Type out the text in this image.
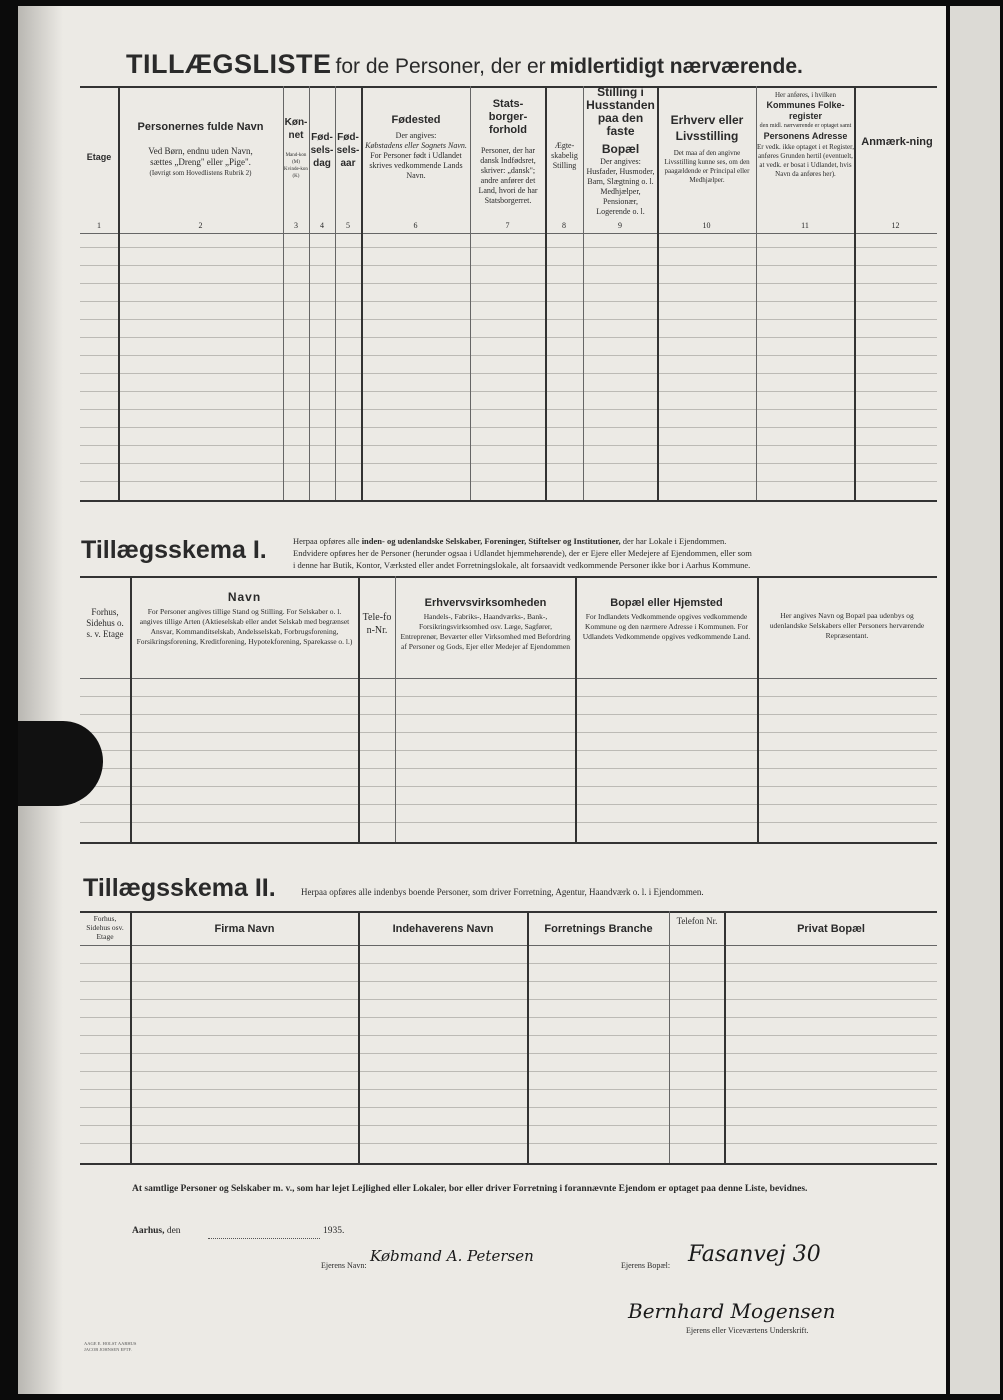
TILLÆGSLISTE for de Personer, der er midlertidigt nærværende.
Etage
Personernes fulde Navn
Ved Børn, endnu uden Navn,
sættes „Dreng" eller „Pige".
(Iøvrigt som Hovedlistens Rubrik 2)
Køn-net
Mand-kon (M) Kvinde-kon (K)
Fød-sels-dag
Fød-sels-aar
Fødested
Der angives:
Købstadens eller Sognets Navn.
For Personer født i Udlandet skrives vedkommende Lands Navn.
Stats-borger-forhold
Personer, der har dansk Indfødsret, skriver: „dansk"; andre anfører det Land, hvori de har Statsborgerret.
Ægte-skabelig Stilling
Stilling i Husstanden paa den faste
Bopæl
Der angives: Husfader, Husmoder, Barn, Slægtning o. l. Medhjælper, Pensionær, Logerende o. l.
Erhverv eller Livsstilling
Det maa af den angivne Livsstilling kunne ses, om den paagældende er Principal eller Medhjælper.
Her anføres, i hvilken
Kommunes Folke-register
den midl. nærværende er optaget samt
Personens Adresse
Er vedk. ikke optaget i et Register, anføres Grunden hertil (eventuelt, at vedk. er bosat i Udlandet, hvis Navn da anføres her).
Anmærk-ning
1	2	3	4	5	6	7	8	9	10	11	12
Tillægsskema I.	Herpaa opføres alle inden- og udenlandske Selskaber, Foreninger, Stiftelser og Institutioner, der har Lokale i Ejendommen.
Endvidere opføres her de Personer (herunder ogsaa i Udlandet hjemmehørende), der er Ejere eller Medejere af Ejendommen, eller som
i denne har Butik, Kontor, Værksted eller andet Forretningslokale, alt forsaavidt vedkommende Personer ikke bor i Aarhus Kommune.
Forhus, Sidehus o. s. v. Etage
Navn
For Personer angives tillige Stand og Stilling. For Selskaber o. l. angives tillige Arten (Aktieselskab eller andet Selskab med begrænset Ansvar, Kommanditselskab, Andelsselskab, Forbrugsforening, Forsikringsforening, Kreditforening, Hypotekforening, Sparekasse o. l.)
Tele-fon-Nr.
Erhvervsvirksomheden
Handels-, Fabriks-, Haandværks-, Bank-, Forsikringsvirksomhed osv. Læge, Sagfører, Entreprenør, Beværter eller Virksomhed med Befordring af Personer og Gods, Ejer eller Medejer af Ejendommen
Bopæl eller Hjemsted
For Indlandets Vedkommende opgives vedkommende Kommune og den nærmere Adresse i Kommunen. For Udlandets Vedkommende opgives vedkommende Land.
Her angives Navn og Bopæl paa udenbys og udenlandske Selskabers eller Personers herværende Repræsentant.
Tillægsskema II.	Herpaa opføres alle indenbys boende Personer, som driver Forretning, Agentur, Haandværk o. l. i Ejendommen.
Forhus, Sidehus osv. Etage
Firma Navn	Indehaverens Navn	Forretnings Branche
Telefon Nr.
Privat Bopæl
At samtlige Personer og Selskaber m. v., som har lejet Lejlighed eller Lokaler, bor eller driver Forretning i forannævnte Ejendom er optaget paa denne Liste, bevidnes.
Aarhus, den	1935.
Ejerens Navn:
Købmand A. Petersen
Ejerens Bopæl: Fasanvej 30
Bernhard Mogensen
Ejerens eller Viceværtens Underskrift.
AAGE E. HOLST AARHUS JACOB JOHNSEN EFTF.
